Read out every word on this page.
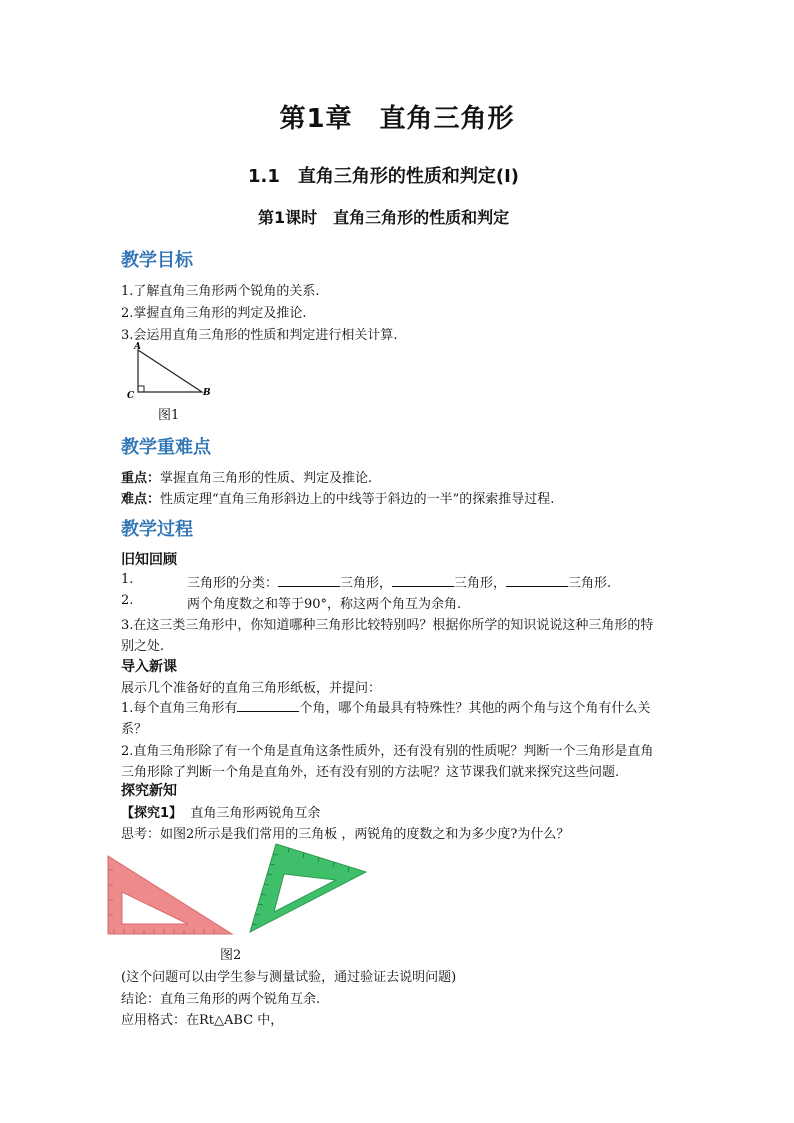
第1章　直角三角形
1.1　直角三角形的性质和判定(Ⅰ)
第1课时　直角三角形的性质和判定
教学目标
1.了解直角三角形两个锐角的关系.
2.掌握直角三角形的判定及推论.
3.会运用直角三角形的性质和判定进行相关计算.
A
C	B
图1
教学重难点
重点：掌握直角三角形的性质、判定及推论.
难点：性质定理“直角三角形斜边上的中线等于斜边的一半”的探索推导过程.
教学过程
旧知回顾
1.	三角形的分类：	三角形，	三角形，	三角形.
2.	两个角度数之和等于90°，称这两个角互为余角.
3.在这三类三角形中，你知道哪种三角形比较特别吗？根据你所学的知识说说这种三角形的特
别之处.
导入新课
展示几个准备好的直角三角形纸板，并提问：
1.每个直角三角形有	个角，哪个角最具有特殊性？其他的两个角与这个角有什么关
系？
2.直角三角形除了有一个角是直角这条性质外，还有没有别的性质呢？判断一个三角形是直角
三角形除了判断一个角是直角外，还有没有别的方法呢？这节课我们就来探究这些问题.
探究新知
【探究1】 直角三角形两锐角互余
思考：如图2所示是我们常用的三角板 ，两锐角的度数之和为多少度?为什么？
图2
(这个问题可以由学生参与测量试验，通过验证去说明问题)
结论：直角三角形的两个锐角互余.
应用格式：在Rt△ABC 中，
